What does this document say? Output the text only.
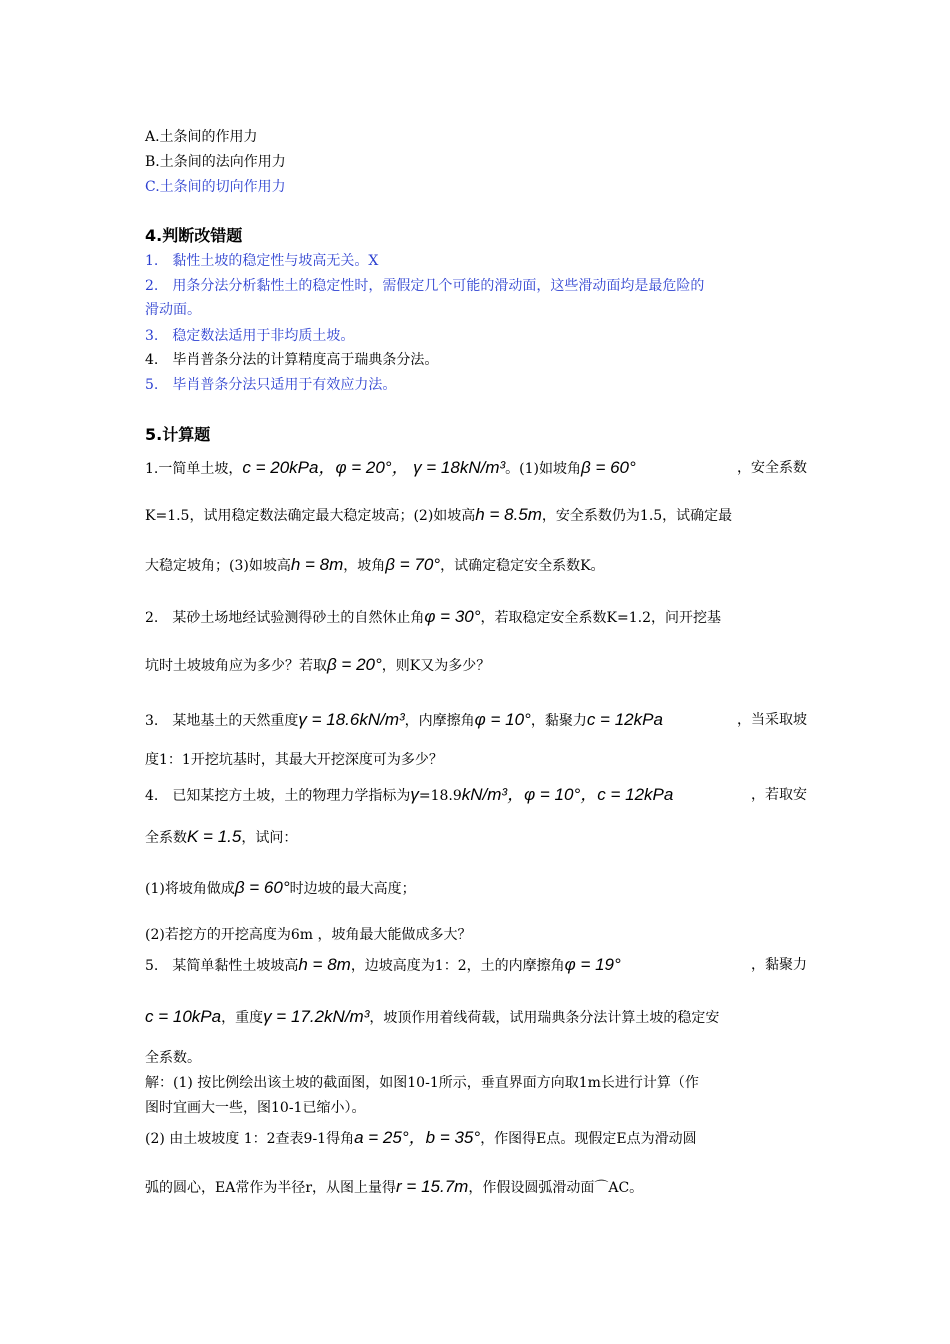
A.土条间的作用力
B.土条间的法向作用力
C.土条间的切向作用力
4.判断改错题
1.　黏性土坡的稳定性与坡高无关。X
2.　用条分法分析黏性土的稳定性时，需假定几个可能的滑动面，这些滑动面均是最危险的
滑动面。
3.　稳定数法适用于非均质土坡。
4.　毕肖普条分法的计算精度高于瑞典条分法。
5.　毕肖普条分法只适用于有效应力法。
5.计算题
1.一简单土坡，c = 20kPa，φ = 20°， γ = 18kN/m³。(1)如坡角β = 60°	，安全系数
K=1.5，试用稳定数法确定最大稳定坡高；(2)如坡高h = 8.5m，安全系数仍为1.5，试确定最
大稳定坡角；(3)如坡高h = 8m，坡角β = 70°，试确定稳定安全系数K。
2.　某砂土场地经试验测得砂土的自然休止角φ = 30°，若取稳定安全系数K=1.2，问开挖基
坑时土坡坡角应为多少？若取β = 20°，则K又为多少？
3.　某地基土的天然重度γ = 18.6kN/m³，内摩擦角φ = 10°，黏聚力c = 12kPa	，当采取坡
度1：1开挖坑基时，其最大开挖深度可为多少？
4.　已知某挖方土坡，土的物理力学指标为γ=18.9kN/m³，φ = 10°，c = 12kPa	，若取安
全系数K = 1.5，试问：
(1)将坡角做成β = 60°时边坡的最大高度；
(2)若挖方的开挖高度为6m ，坡角最大能做成多大？
5.　某简单黏性土坡坡高h = 8m，边坡高度为1：2，土的内摩擦角φ = 19°	，黏聚力
c = 10kPa，重度γ = 17.2kN/m³，坡顶作用着线荷载，试用瑞典条分法计算土坡的稳定安
全系数。
解：(1) 按比例绘出该土坡的截面图，如图10-1所示，垂直界面方向取1m长进行计算（作
图时宜画大一些，图10-1已缩小）。
(2) 由土坡坡度 1：2查表9-1得角a = 25°，b = 35°，作图得E点。现假定E点为滑动圆
弧的圆心，EA常作为半径r，从图上量得r = 15.7m，作假设圆弧滑动面⌒AC。
